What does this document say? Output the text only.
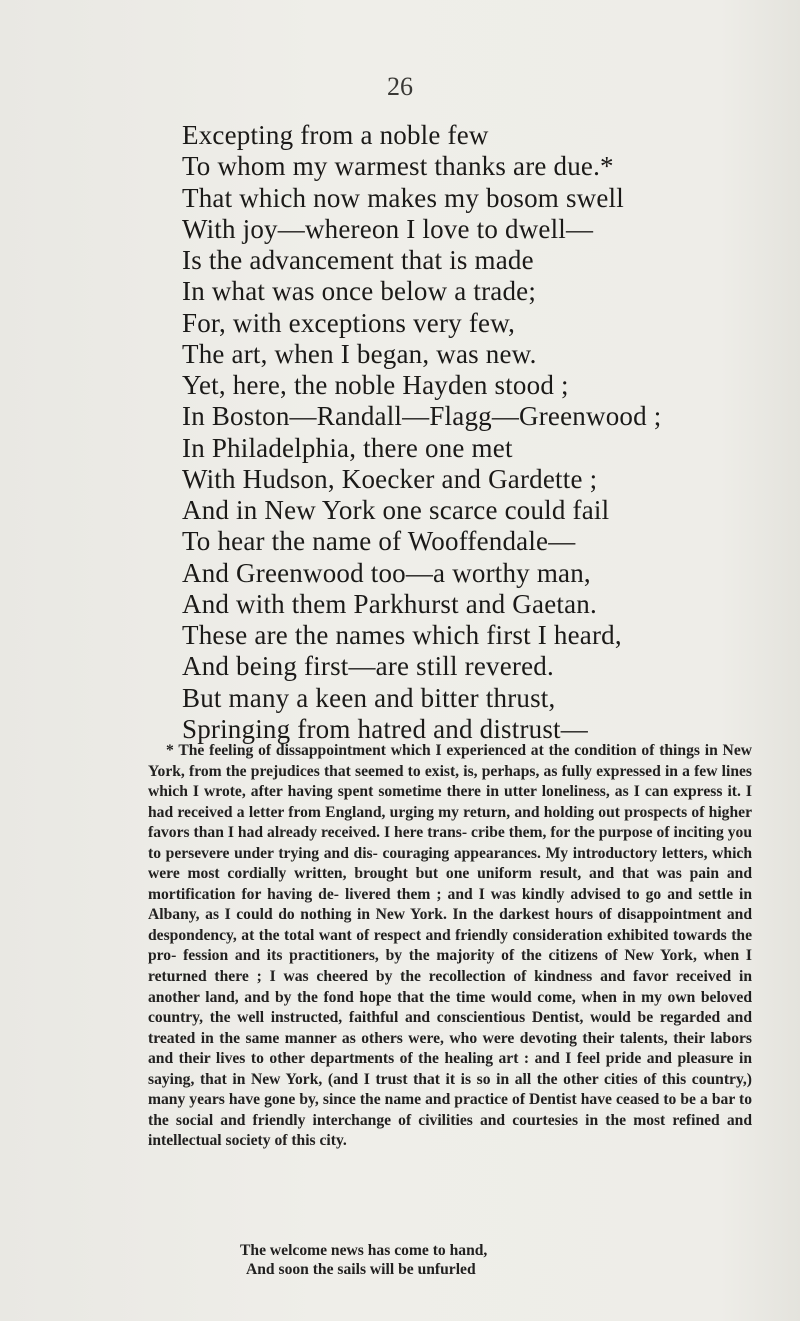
26
Excepting from a noble few
To whom my warmest thanks are due.*
That which now makes my bosom swell
With joy—whereon I love to dwell—
Is the advancement that is made
In what was once below a trade;
For, with exceptions very few,
The art, when I began, was new.
Yet, here, the noble Hayden stood ;
In Boston—Randall—Flagg—Greenwood ;
In Philadelphia, there one met
With Hudson, Koecker and Gardette ;
And in New York one scarce could fail
To hear the name of Wooffendale—
And Greenwood too—a worthy man,
And with them Parkhurst and Gaetan.
These are the names which first I heard,
And being first—are still revered.
But many a keen and bitter thrust,
Springing from hatred and distrust—

* The feeling of dissappointment which I experienced at the condition of things in New York, from the prejudices that seemed to exist, is, perhaps, as fully expressed in a few lines which I wrote, after having spent sometime there in utter loneliness, as I can express it. I had received a letter from England, urging my return, and holding out prospects of higher favors than I had already received. I here trans- cribe them, for the purpose of inciting you to persevere under trying and dis- couraging appearances. My introductory letters, which were most cordially written, brought but one uniform result, and that was pain and mortification for having de- livered them ; and I was kindly advised to go and settle in Albany, as I could do nothing in New York. In the darkest hours of disappointment and despondency, at the total want of respect and friendly consideration exhibited towards the pro- fession and its practitioners, by the majority of the citizens of New York, when I returned there ; I was cheered by the recollection of kindness and favor received in another land, and by the fond hope that the time would come, when in my own beloved country, the well instructed, faithful and conscientious Dentist, would be regarded and treated in the same manner as others were, who were devoting their talents, their labors and their lives to other departments of the healing art : and I feel pride and pleasure in saying, that in New York, (and I trust that it is so in all the other cities of this country,) many years have gone by, since the name and practice of Dentist have ceased to be a bar to the social and friendly interchange of civilities and courtesies in the most refined and intellectual society of this city.

The welcome news has come to hand,
And soon the sails will be unfurled
